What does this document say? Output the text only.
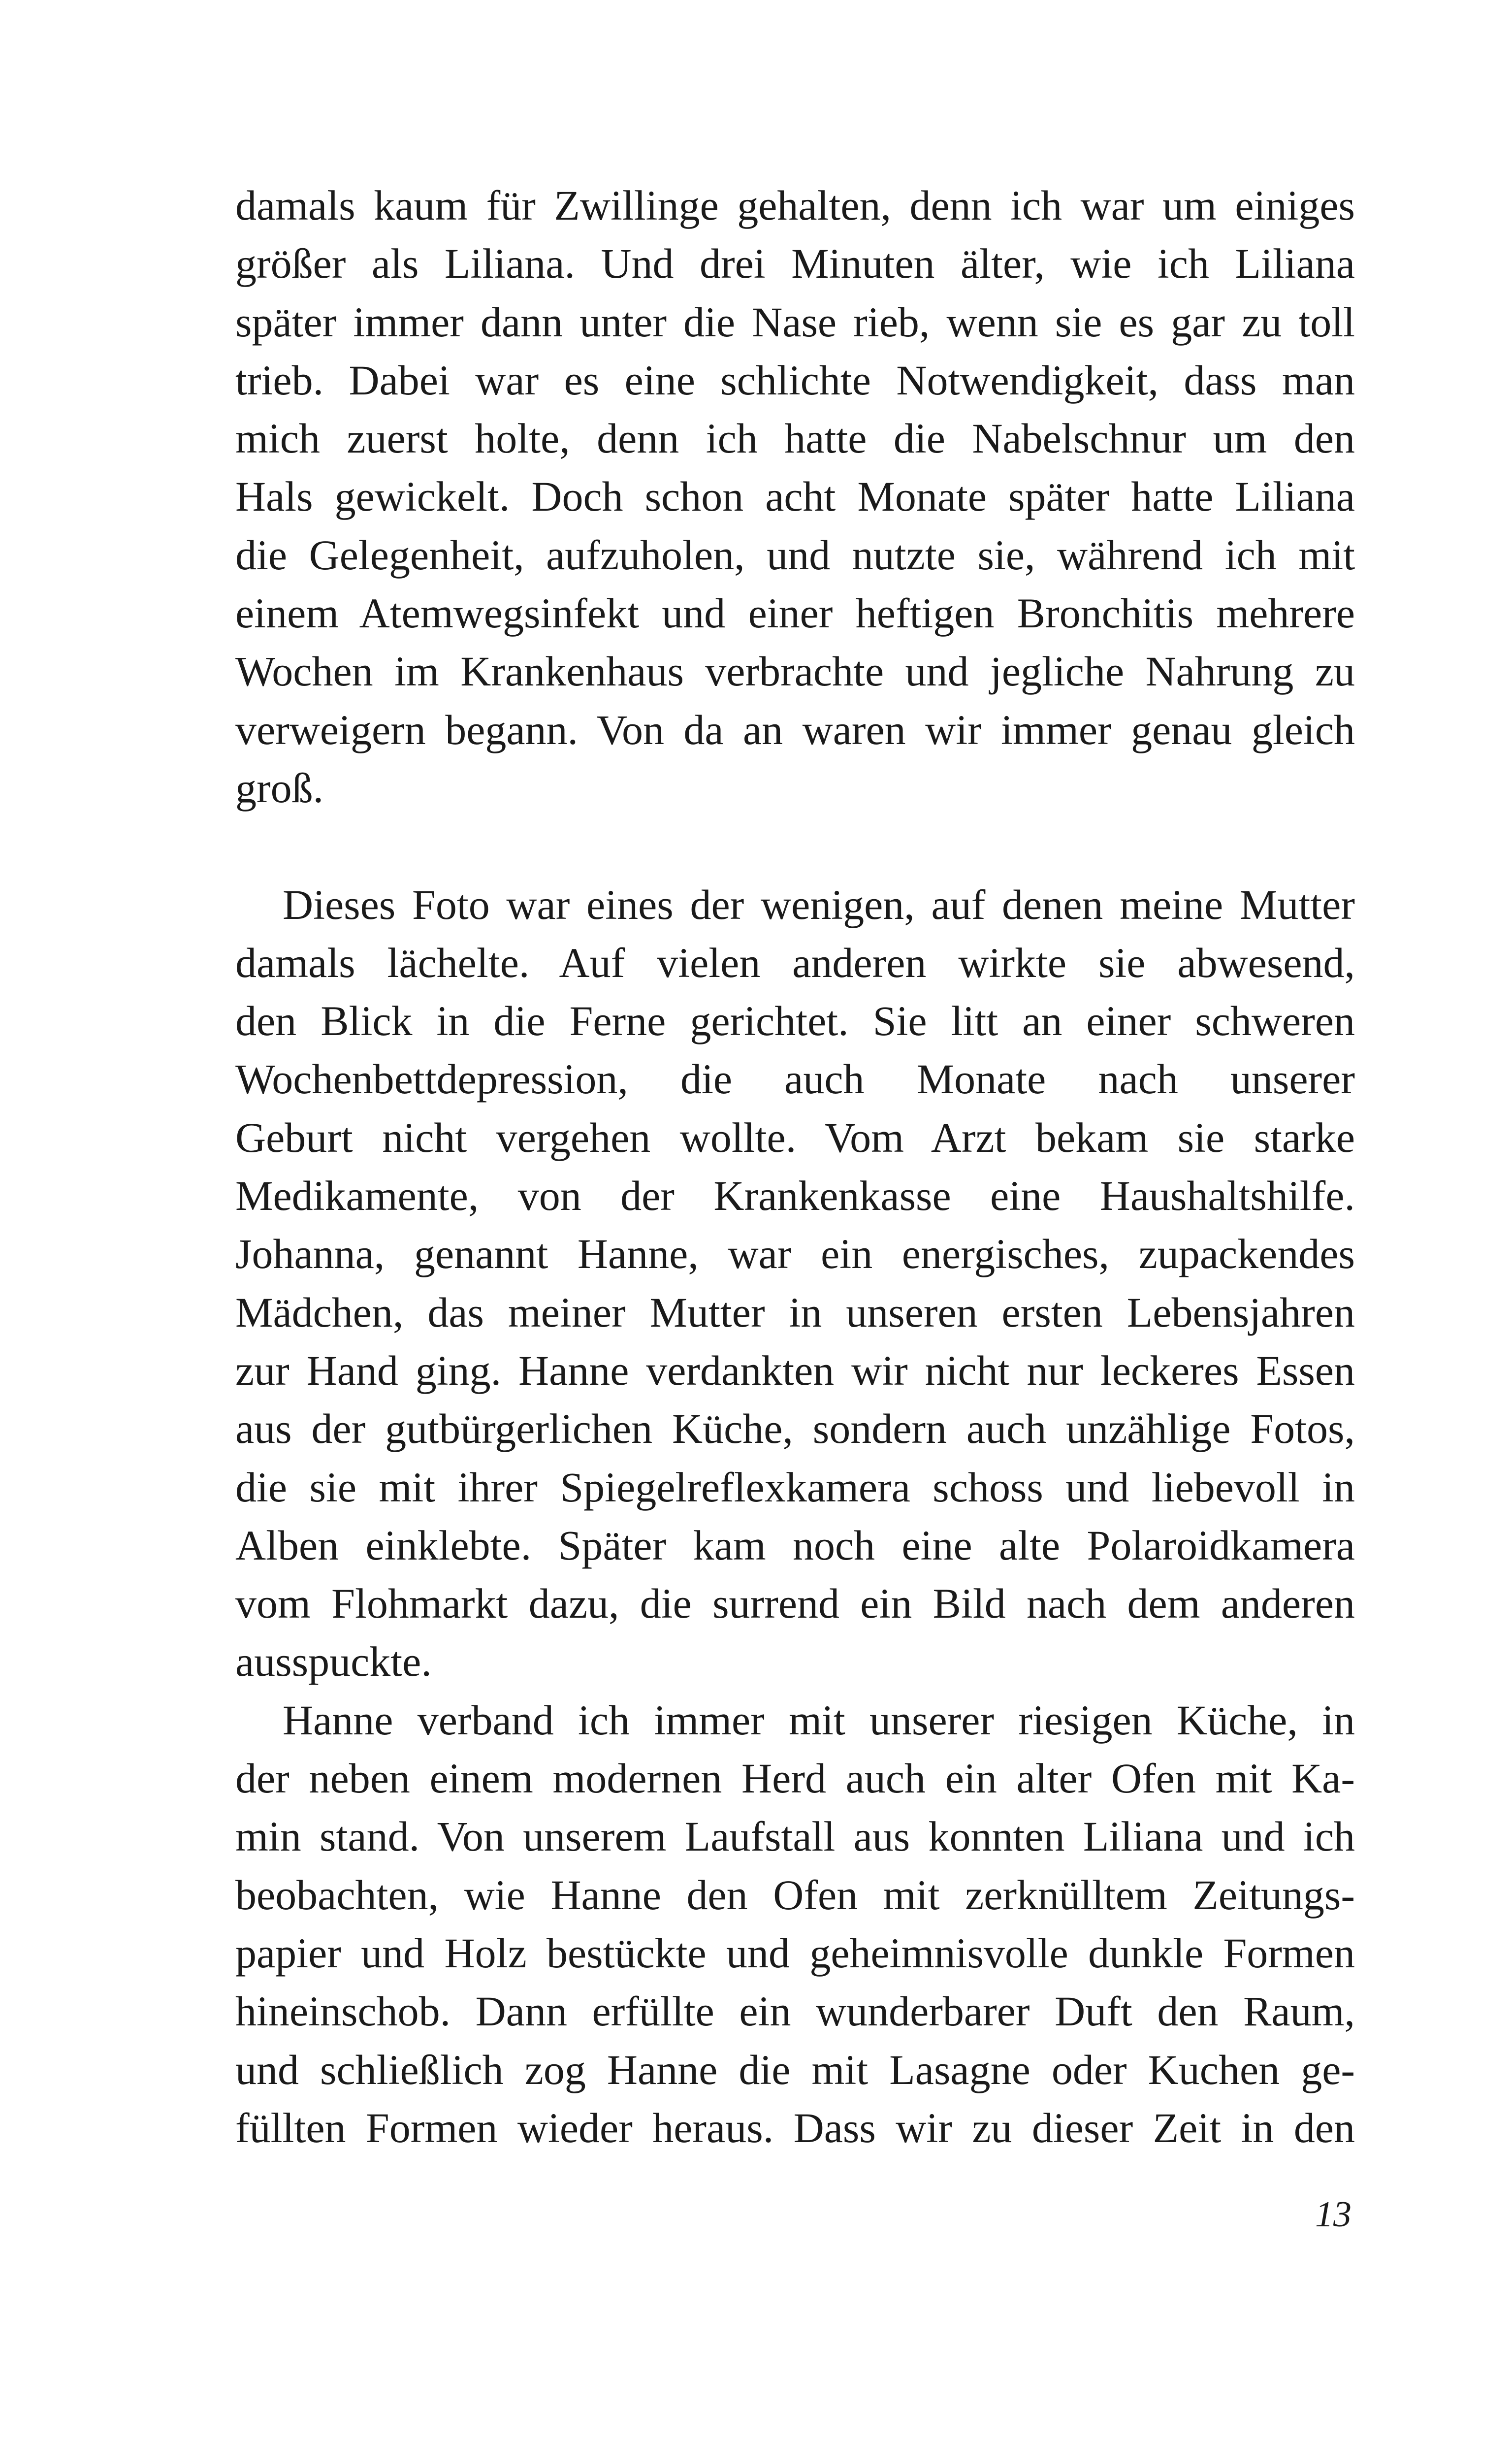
damals kaum für Zwillinge gehalten, denn ich war um einiges
größer als Liliana. Und drei Minuten älter, wie ich Liliana
später immer dann unter die Nase rieb, wenn sie es gar zu toll
trieb. Dabei war es eine schlichte Notwendigkeit, dass man
mich zuerst holte, denn ich hatte die Nabelschnur um den
Hals gewickelt. Doch schon acht Monate später hatte Liliana
die Gelegenheit, aufzuholen, und nutzte sie, während ich mit
einem Atemwegsinfekt und einer heftigen Bronchitis mehrere
Wochen im Krankenhaus verbrachte und jegliche Nahrung zu
verweigern begann. Von da an waren wir immer genau gleich
groß.
Dieses Foto war eines der wenigen, auf denen meine Mutter
damals lächelte. Auf vielen anderen wirkte sie abwesend,
den Blick in die Ferne gerichtet. Sie litt an einer schweren
Wochenbettdepression, die auch Monate nach unserer
Geburt nicht vergehen wollte. Vom Arzt bekam sie starke
Medikamente, von der Krankenkasse eine Haushaltshilfe.
Johanna, genannt Hanne, war ein energisches, zupackendes
Mädchen, das meiner Mutter in unseren ersten Lebensjahren
zur Hand ging. Hanne verdankten wir nicht nur leckeres Essen
aus der gutbürgerlichen Küche, sondern auch unzählige Fotos,
die sie mit ihrer Spiegelreflexkamera schoss und liebevoll in
Alben einklebte. Später kam noch eine alte Polaroidkamera
vom Flohmarkt dazu, die surrend ein Bild nach dem anderen
ausspuckte.
Hanne verband ich immer mit unserer riesigen Küche, in
der neben einem modernen Herd auch ein alter Ofen mit Ka-
min stand. Von unserem Laufstall aus konnten Liliana und ich
beobachten, wie Hanne den Ofen mit zerknülltem Zeitungs-
papier und Holz bestückte und geheimnisvolle dunkle Formen
hineinschob. Dann erfüllte ein wunderbarer Duft den Raum,
und schließlich zog Hanne die mit Lasagne oder Kuchen ge-
füllten Formen wieder heraus. Dass wir zu dieser Zeit in den
13
